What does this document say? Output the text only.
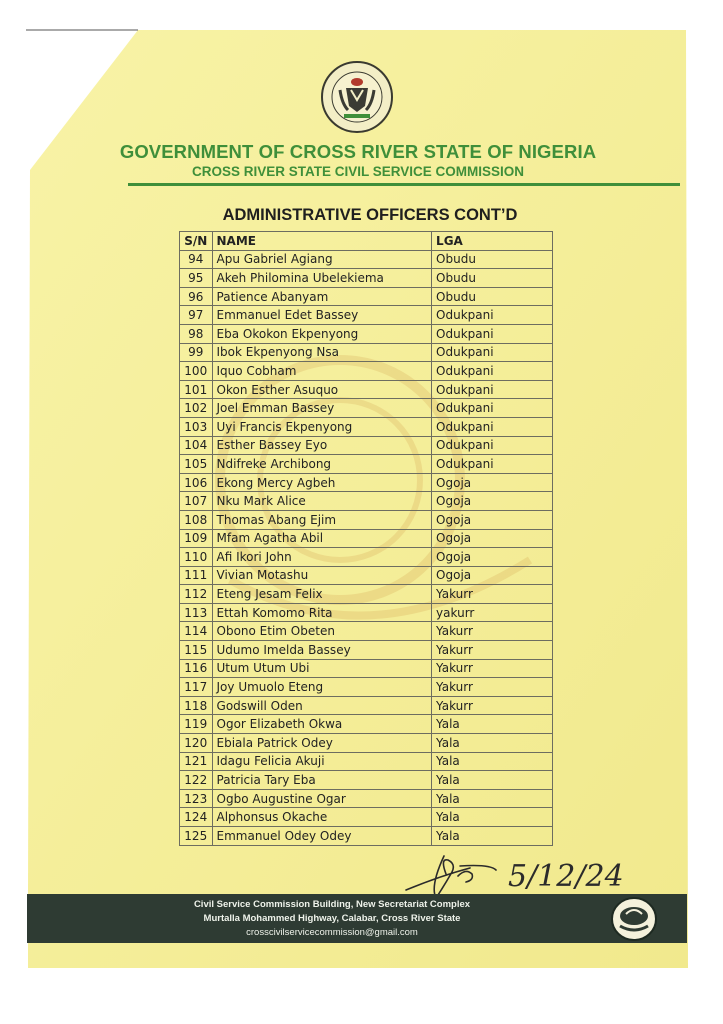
GOVERNMENT OF CROSS RIVER STATE OF NIGERIA
CROSS RIVER STATE CIVIL SERVICE COMMISSION
ADMINISTRATIVE OFFICERS CONT’D
S/N	NAME	LGA
94	Apu Gabriel Agiang	Obudu
95	Akeh Philomina Ubelekiema	Obudu
96	Patience Abanyam	Obudu
97	Emmanuel Edet Bassey	Odukpani
98	Eba Okokon Ekpenyong	Odukpani
99	Ibok Ekpenyong Nsa	Odukpani
100	Iquo Cobham	Odukpani
101	Okon Esther Asuquo	Odukpani
102	Joel Emman Bassey	Odukpani
103	Uyi Francis Ekpenyong	Odukpani
104	Esther Bassey Eyo	Odukpani
105	Ndifreke Archibong	Odukpani
106	Ekong Mercy Agbeh	Ogoja
107	Nku Mark Alice	Ogoja
108	Thomas Abang Ejim	Ogoja
109	Mfam Agatha Abil	Ogoja
110	Afi Ikori John	Ogoja
111	Vivian Motashu	Ogoja
112	Eteng Jesam Felix	Yakurr
113	Ettah Komomo Rita	yakurr
114	Obono Etim Obeten	Yakurr
115	Udumo Imelda Bassey	Yakurr
116	Utum Utum Ubi	Yakurr
117	Joy Umuolo Eteng	Yakurr
118	Godswill Oden	Yakurr
119	Ogor Elizabeth Okwa	Yala
120	Ebiala Patrick Odey	Yala
121	Idagu Felicia Akuji	Yala
122	Patricia Tary Eba	Yala
123	Ogbo Augustine Ogar	Yala
124	Alphonsus Okache	Yala
125	Emmanuel Odey Odey	Yala
5/12/24
Civil Service Commission Building, New Secretariat Complex
Murtalla Mohammed Highway, Calabar, Cross River State
crosscivilservicecommission@gmail.com
